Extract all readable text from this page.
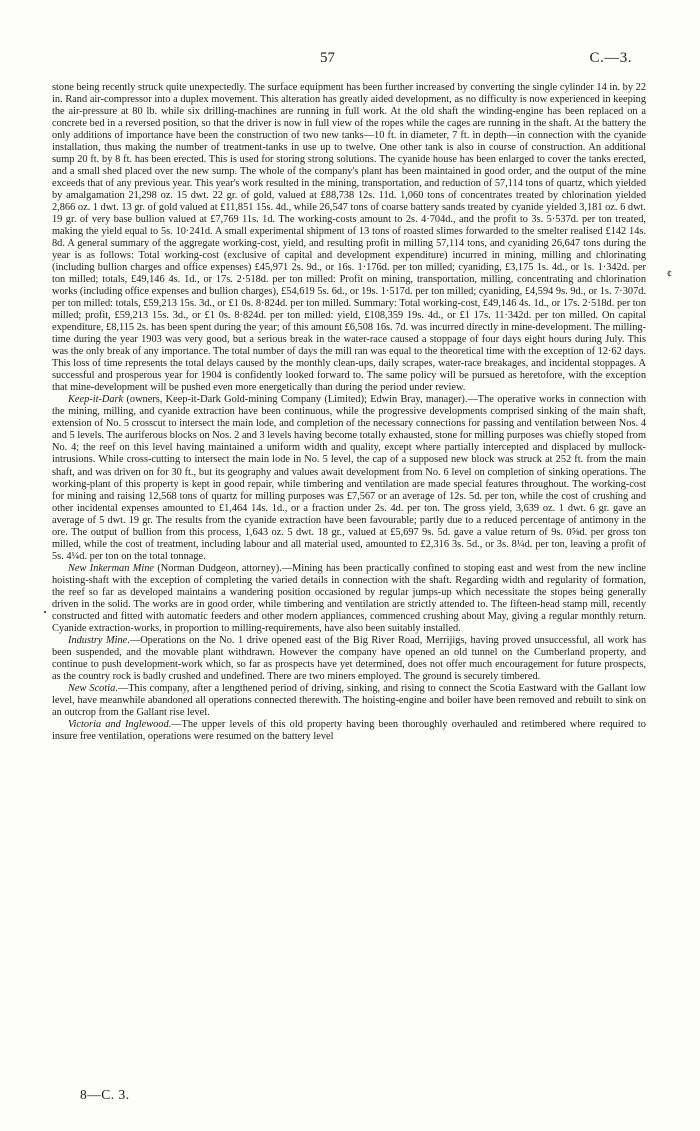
57	C.—3.

stone being recently struck quite unexpectedly. The surface equipment has been further increased by converting the single cylinder 14 in. by 22 in. Rand air-compressor into a duplex movement. This alteration has greatly aided development, as no difficulty is now experienced in keeping the air-pressure at 80 lb. while six drilling-machines are running in full work. At the old shaft the winding-engine has been replaced on a concrete bed in a reversed position, so that the driver is now in full view of the ropes while the cages are running in the shaft. At the battery the only additions of importance have been the construction of two new tanks—10 ft. in diameter, 7 ft. in depth—in connection with the cyanide installation, thus making the number of treatment-tanks in use up to twelve. One other tank is also in course of construction. An additional sump 20 ft. by 8 ft. has been erected. This is used for storing strong solutions. The cyanide house has been enlarged to cover the tanks erected, and a small shed placed over the new sump. The whole of the company's plant has been maintained in good order, and the output of the mine exceeds that of any previous year. This year's work resulted in the mining, transportation, and reduction of 57,114 tons of quartz, which yielded by amalgamation 21,298 oz. 15 dwt. 22 gr. of gold, valued at £88,738 12s. 11d. 1,060 tons of concentrates treated by chlorination yielded 2,866 oz. 1 dwt. 13 gr. of gold valued at £11,851 15s. 4d., while 26,547 tons of coarse battery sands treated by cyanide yielded 3,181 oz. 6 dwt. 19 gr. of very base bullion valued at £7,769 11s. 1d. The working-costs amount to 2s. 4·704d., and the profit to 3s. 5·537d. per ton treated, making the yield equal to 5s. 10·241d. A small experimental shipment of 13 tons of roasted slimes forwarded to the smelter realised £142 14s. 8d. A general summary of the aggregate working-cost, yield, and resulting profit in milling 57,114 tons, and cyaniding 26,647 tons during the year is as follows: Total working-cost (exclusive of capital and development expenditure) incurred in mining, milling and chlorinating (including bullion charges and office expenses) £45,971 2s. 9d., or 16s. 1·176d. per ton milled; cyaniding, £3,175 1s. 4d., or 1s. 1·342d. per ton milled; totals, £49,146 4s. 1d., or 17s. 2·518d. per ton milled: Profit on mining, transportation, milling, concentrating and chlorination works (including office expenses and bullion charges), £54,619 5s. 6d., or 19s. 1·517d. per ton milled; cyaniding, £4,594 9s. 9d., or 1s. 7·307d. per ton milled: totals, £59,213 15s. 3d., or £1 0s. 8·824d. per ton milled. Summary: Total working-cost, £49,146 4s. 1d., or 17s. 2·518d. per ton milled; profit, £59,213 15s. 3d., or £1 0s. 8·824d. per ton milled: yield, £108,359 19s. 4d., or £1 17s. 11·342d. per ton milled. On capital expenditure, £8,115 2s. has been spent during the year; of this amount £6,508 16s. 7d. was incurred directly in mine-development. The milling-time during the year 1903 was very good, but a serious break in the water-race caused a stoppage of four days eight hours during July. This was the only break of any importance. The total number of days the mill ran was equal to the theoretical time with the exception of 12·62 days. This loss of time represents the total delays caused by the monthly clean-ups, daily scrapes, water-race breakages, and incidental stoppages. A successful and prosperous year for 1904 is confidently looked forward to. The same policy will be pursued as heretofore, with the exception that mine-development will be pushed even more energetically than during the period under review.

Keep-it-Dark (owners, Keep-it-Dark Gold-mining Company (Limited); Edwin Bray, manager).—The operative works in connection with the mining, milling, and cyanide extraction have been continuous, while the progressive developments comprised sinking of the main shaft, extension of No. 5 crosscut to intersect the main lode, and completion of the necessary connections for passing and ventilation between Nos. 4 and 5 levels. The auriferous blocks on Nos. 2 and 3 levels having become totally exhausted, stone for milling purposes was chiefly stoped from No. 4; the reef on this level having maintained a uniform width and quality, except where partially intercepted and displaced by mullock-intrusions. While cross-cutting to intersect the main lode in No. 5 level, the cap of a supposed new block was struck at 252 ft. from the main shaft, and was driven on for 30 ft., but its geography and values await development from No. 6 level on completion of sinking operations. The working-plant of this property is kept in good repair, while timbering and ventilation are made special features throughout. The working-cost for mining and raising 12,568 tons of quartz for milling purposes was £7,567 or an average of 12s. 5d. per ton, while the cost of crushing and other incidental expenses amounted to £1,464 14s. 1d., or a fraction under 2s. 4d. per ton. The gross yield, 3,639 oz. 1 dwt. 6 gr. gave an average of 5 dwt. 19 gr. The results from the cyanide extraction have been favourable; partly due to a reduced percentage of antimony in the ore. The output of bullion from this process, 1,643 oz. 5 dwt. 18 gr., valued at £5,697 9s. 5d. gave a value return of 9s. 0⅝d. per gross ton milled, while the cost of treatment, including labour and all material used, amounted to £2,316 3s. 5d., or 3s. 8¼d. per ton, leaving a profit of 5s. 4¼d. per ton on the total tonnage.

New Inkerman Mine (Norman Dudgeon, attorney).—Mining has been practically confined to stoping east and west from the new incline hoisting-shaft with the exception of completing the varied details in connection with the shaft. Regarding width and regularity of formation, the reef so far as developed maintains a wandering position occasioned by regular jumps-up which necessitate the stopes being generally driven in the solid. The works are in good order, while timbering and ventilation are strictly attended to. The fifteen-head stamp mill, recently constructed and fitted with automatic feeders and other modern appliances, commenced crushing about May, giving a regular monthly return. Cyanide extraction-works, in proportion to milling-requirements, have also been suitably installed.

Industry Mine.—Operations on the No. 1 drive opened east of the Big River Road, Merrijigs, having proved unsuccessful, all work has been suspended, and the movable plant withdrawn. However the company have opened an old tunnel on the Cumberland property, and continue to push development-work which, so far as prospects have yet determined, does not offer much encouragement for future prospects, as the country rock is badly crushed and undefined. There are two miners employed. The ground is securely timbered.

New Scotia.—This company, after a lengthened period of driving, sinking, and rising to connect the Scotia Eastward with the Gallant low level, have meanwhile abandoned all operations connected therewith. The hoisting-engine and boiler have been removed and rebuilt to sink on an outcrop from the Gallant rise level.

Victoria and Inglewood.—The upper levels of this old property having been thoroughly overhauled and retimbered where required to insure free ventilation, operations were resumed on the battery level

¢
8—C. 3.
